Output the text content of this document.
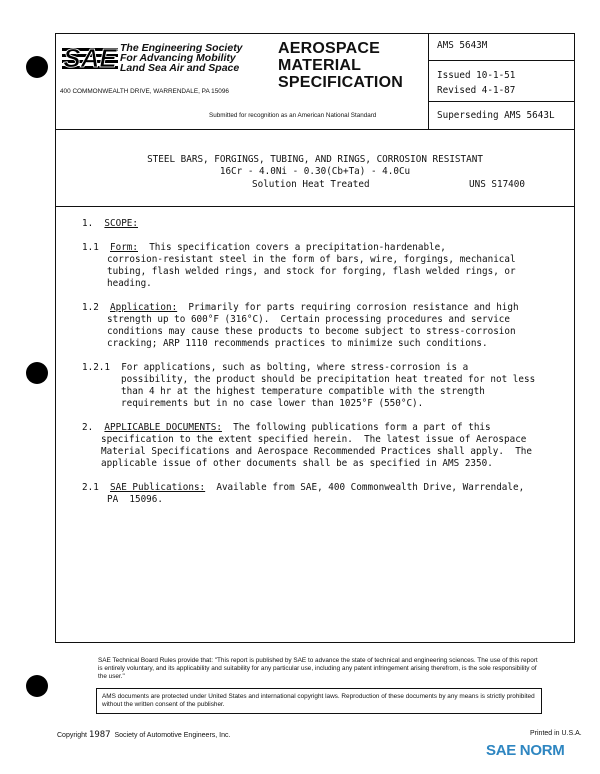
SAE The Engineering Society
For Advancing Mobility
Land Sea Air and Space
400 COMMONWEALTH DRIVE, WARRENDALE, PA 15096
AEROSPACE
MATERIAL
SPECIFICATION
Submitted for recognition as an American National Standard
AMS 5643M
Issued 10-1-51
Revised 4-1-87
Superseding AMS 5643L
STEEL BARS, FORGINGS, TUBING, AND RINGS, CORROSION RESISTANT
16Cr - 4.0Ni - 0.30(Cb+Ta) - 4.0Cu
Solution Heat Treated	UNS S17400
1. SCOPE:
1.1 Form:  This specification covers a precipitation-hardenable,
corrosion-resistant steel in the form of bars, wire, forgings, mechanical
tubing, flash welded rings, and stock for forging, flash welded rings, or
heading.
1.2 Application:  Primarily for parts requiring corrosion resistance and high
strength up to 600°F (316°C).  Certain processing procedures and service
conditions may cause these products to become subject to stress-corrosion
cracking; ARP 1110 recommends practices to minimize such conditions.
1.2.1 For applications, such as bolting, where stress-corrosion is a
possibility, the product should be precipitation heat treated for not less
than 4 hr at the highest temperature compatible with the strength
requirements but in no case lower than 1025°F (550°C).
2. APPLICABLE DOCUMENTS:  The following publications form a part of this
specification to the extent specified herein.  The latest issue of Aerospace
Material Specifications and Aerospace Recommended Practices shall apply.  The
applicable issue of other documents shall be as specified in AMS 2350.
2.1 SAE Publications:  Available from SAE, 400 Commonwealth Drive, Warrendale,
PA  15096.
SAE Technical Board Rules provide that: "This report is published by SAE to advance the state of technical and engineering sciences. The use of this report is entirely voluntary, and its applicability and suitability for any particular use, including any patent infringement arising therefrom, is the sole responsibility of the user."
AMS documents are protected under United States and international copyright laws. Reproduction of these documents by any means is strictly prohibited without the written consent of the publisher.
Copyright 1987 Society of Automotive Engineers, Inc.	Printed in U.S.A.
SAE NORM
